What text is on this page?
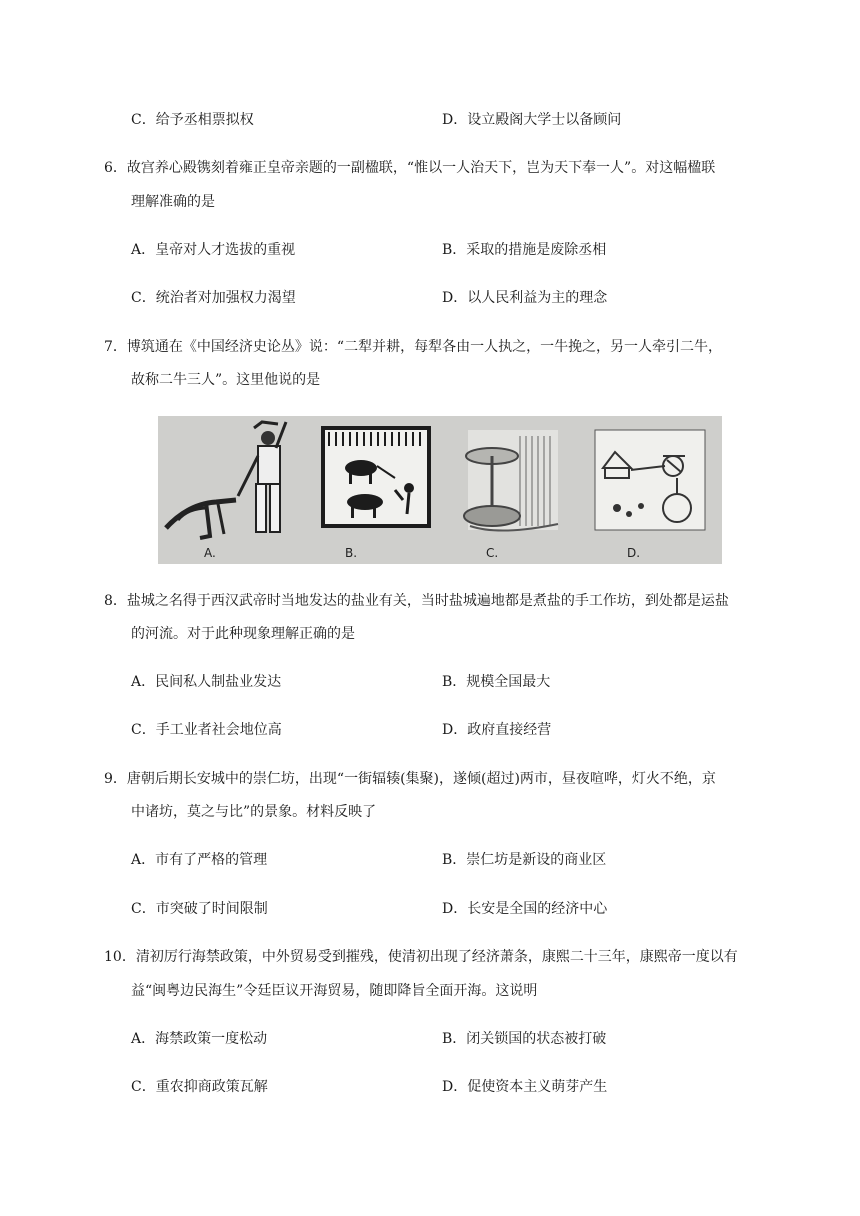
C．给予丞相票拟权	D．设立殿阁大学士以备顾问
6．故宫养心殿镌刻着雍正皇帝亲题的一副楹联，“惟以一人治天下，岂为天下奉一人”。对这幅楹联
理解准确的是
A．皇帝对人才选拔的重视	B．采取的措施是废除丞相
C．统治者对加强权力渴望	D．以人民利益为主的理念
7．博筑通在《中国经济史论丛》说：“二犁并耕，每犁各由一人执之，一牛挽之，另一人牵引二牛，
故称二牛三人”。这里他说的是
A.	B.	C.	D.
8．盐城之名得于西汉武帝时当地发达的盐业有关，当时盐城遍地都是煮盐的手工作坊，到处都是运盐
的河流。对于此种现象理解正确的是
A．民间私人制盐业发达	B．规模全国最大
C．手工业者社会地位高	D．政府直接经营
9．唐朝后期长安城中的崇仁坊，出现“一街辐辏(集聚)，遂倾(超过)两市，昼夜喧哗，灯火不绝，京
中诸坊，莫之与比”的景象。材料反映了
A．市有了严格的管理	B．崇仁坊是新设的商业区
C．市突破了时间限制	D．长安是全国的经济中心
10．清初厉行海禁政策，中外贸易受到摧残，使清初出现了经济萧条，康熙二十三年，康熙帝一度以有
益“闽粤边民海生”令廷臣议开海贸易，随即降旨全面开海。这说明
A．海禁政策一度松动	B．闭关锁国的状态被打破
C．重农抑商政策瓦解	D．促使资本主义萌芽产生
